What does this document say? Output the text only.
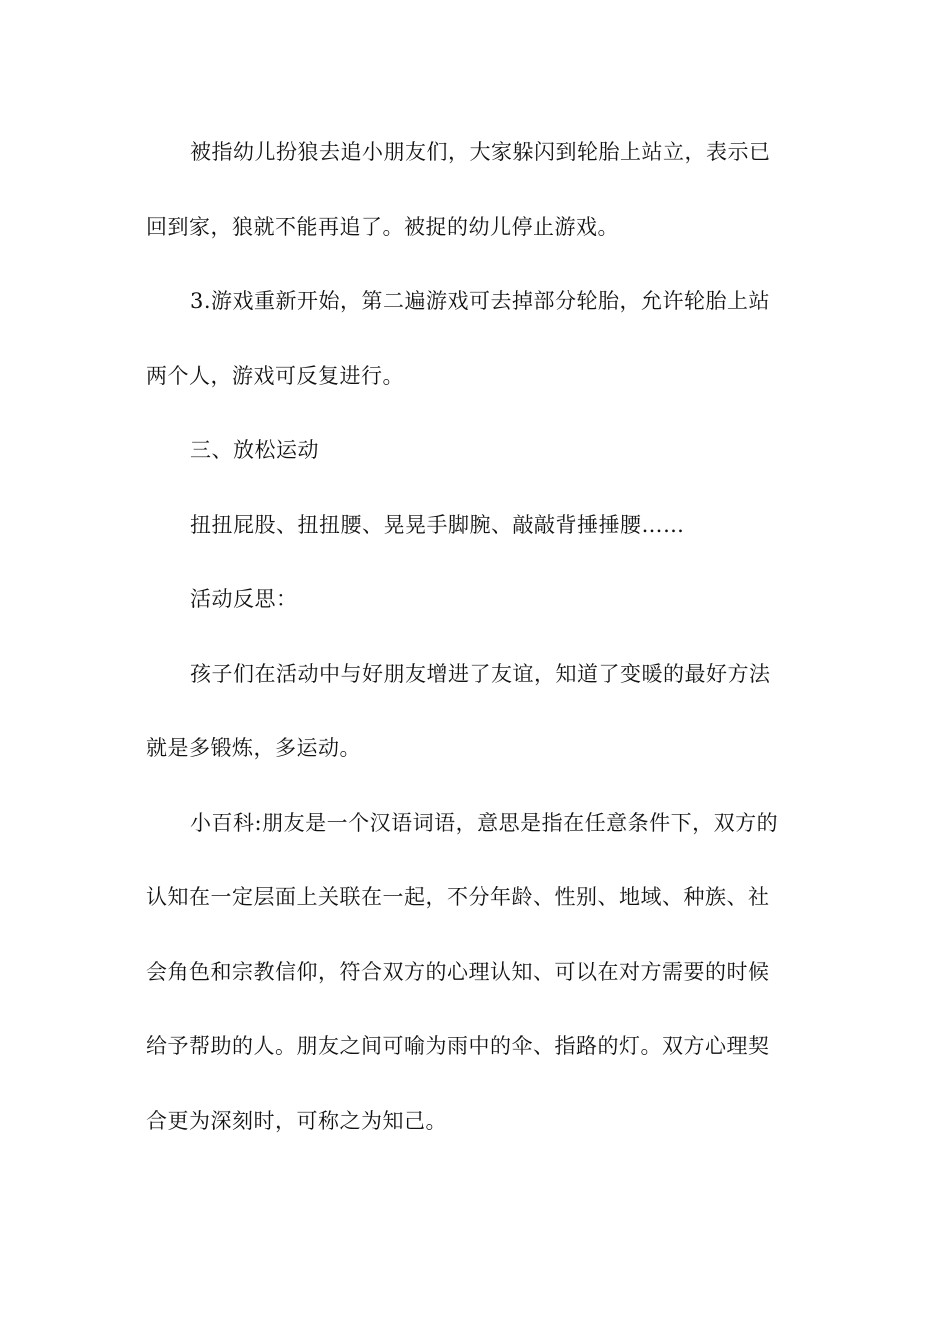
被指幼儿扮狼去追小朋友们，大家躲闪到轮胎上站立，表示已

回到家，狼就不能再追了。被捉的幼儿停止游戏。

3.游戏重新开始，第二遍游戏可去掉部分轮胎，允许轮胎上站

两个人，游戏可反复进行。

三、放松运动

扭扭屁股、扭扭腰、晃晃手脚腕、敲敲背捶捶腰……

活动反思：

孩子们在活动中与好朋友增进了友谊，知道了变暖的最好方法

就是多锻炼，多运动。

小百科:朋友是一个汉语词语，意思是指在任意条件下，双方的

认知在一定层面上关联在一起，不分年龄、性别、地域、种族、社

会角色和宗教信仰，符合双方的心理认知、可以在对方需要的时候

给予帮助的人。朋友之间可喻为雨中的伞、指路的灯。双方心理契

合更为深刻时，可称之为知己。
